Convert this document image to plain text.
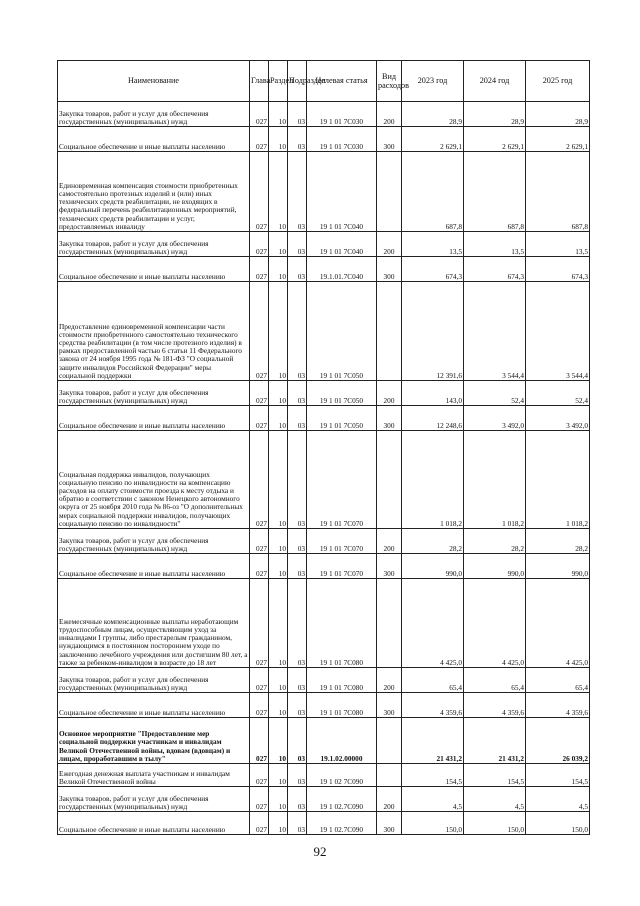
Наименование	Глава	Раздел	Подраздел	Целевая статья	Вид расходов	2023 год	2024 год	2025 год
Закупка товаров, работ и услуг для обеспечения государственных (муниципальных) нужд	027	10	03	19 1 01 7С030	200	28,9	28,9	28,9
Социальное обеспечение и иные выплаты населению	027	10	03	19 1 01 7С030	300	2 629,1	2 629,1	2 629,1
Единовременная компенсация стоимости приобретенных самостоятельно протезных изделий и (или) иных технических средств реабилитации, не входящих в федеральный перечень реабилитационных мероприятий, технических средств реабилитации и услуг, предоставляемых инвалиду	027	10	03	19 1 01 7С040		687,8	687,8	687,8
Закупка товаров, работ и услуг для обеспечения государственных (муниципальных) нужд	027	10	03	19 1 01 7С040	200	13,5	13,5	13,5
Социальное обеспечение и иные выплаты населению	027	10	03	19.1.01.7С040	300	674,3	674,3	674,3
Предоставление единовременной компенсации части стоимости приобретенного самостоятельно технического средства реабилитации (в том числе протезного изделия) в рамках предоставленной частью 6 статьи 11 Федерального закона от 24 ноября 1995 года № 181-ФЗ "О социальной защите инвалидов Российской Федерации" меры социальной поддержки	027	10	03	19 1 01 7С050		12 391,6	3 544,4	3 544,4
Закупка товаров, работ и услуг для обеспечения государственных (муниципальных) нужд	027	10	03	19 1 01 7С050	200	143,0	52,4	52,4
Социальное обеспечение и иные выплаты населению	027	10	03	19 1 01 7С050	300	12 248,6	3 492,0	3 492,0
Социальная поддержка инвалидов, получающих социальную пенсию по инвалидности на компенсацию расходов на оплату стоимости проезда к месту отдыха и обратно в соответствии с законом Ненецкого автономного округа от 25 ноября 2010 года № 86-оз "О дополнительных мерах социальной поддержки инвалидов, получающих социальную пенсию по инвалидности"	027	10	03	19 1 01 7С070		1 018,2	1 018,2	1 018,2
Закупка товаров, работ и услуг для обеспечения государственных (муниципальных) нужд	027	10	03	19 1 01 7С070	200	28,2	28,2	28,2
Социальное обеспечение и иные выплаты населению	027	10	03	19 1 01 7С070	300	990,0	990,0	990,0
Ежемесячные компенсационные выплаты неработающим трудоспособным лицам, осуществляющим уход за инвалидами I группы, либо престарелым гражданином, нуждающимся в постоянном постороннем уходе по заключению лечебного учреждения или достигшим 80 лет, а также за ребенком-инвалидом в возрасте до 18 лет	027	10	03	19 1 01 7С080		4 425,0	4 425,0	4 425,0
Закупка товаров, работ и услуг для обеспечения государственных (муниципальных) нужд	027	10	03	19 1 01 7С080	200	65,4	65,4	65,4
Социальное обеспечение и иные выплаты населению	027	10	03	19 1 01 7С080	300	4 359,6	4 359,6	4 359,6
Основное мероприятие "Предоставление мер социальной поддержки участникам и инвалидам Великой Отечественной войны, вдовам (вдовцам) и лицам, проработавшим в тылу"	027	10	03	19.1.02.00000		21 431,2	21 431,2	26 039,2
Ежегодная денежная выплата участникам и инвалидам Великой Отечественной войны	027	10	03	19 1 02 7С090		154,5	154,5	154,5
Закупка товаров, работ и услуг для обеспечения государственных (муниципальных) нужд	027	10	03	19 1 02.7С090	200	4,5	4,5	4,5
Социальное обеспечение и иные выплаты населению	027	10	03	19 1 02.7С090	300	150,0	150,0	150,0
92
